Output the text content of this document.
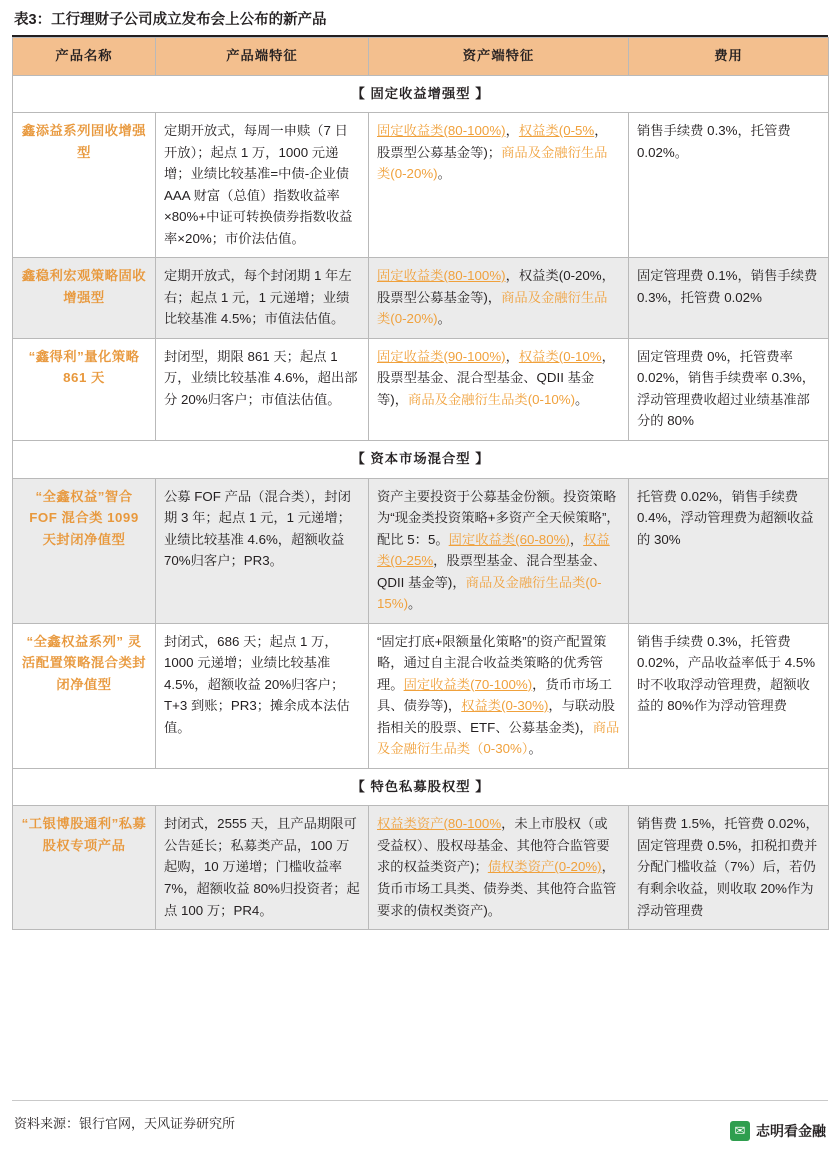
表3：工行理财子公司成立发布会上公布的新产品
产品名称	产品端特征	资产端特征	费用
【 固定收益增强型 】			
鑫添益系列固收增强型	定期开放式，每周一申赎（7 日开放）；起点 1 万，1000 元递增；业绩比较基准=中债-企业债 AAA 财富（总值）指数收益率×80%+中证可转换债券指数收益率×20%；市价法估值。	固定收益类(80-100%)，权益类(0-5%，股票型公募基金等)；商品及金融衍生品类(0-20%)。	销售手续费 0.3%，托管费 0.02%。
鑫稳利宏观策略固收增强型	定期开放式，每个封闭期 1 年左右；起点 1 元，1 元递增；业绩比较基准 4.5%；市值法估值。	固定收益类(80-100%)，权益类(0-20%，股票型公募基金等)，商品及金融衍生品类(0-20%)。	固定管理费 0.1%，销售手续费 0.3%，托管费 0.02%
“鑫得利”量化策略 861 天	封闭型，期限 861 天；起点 1 万，业绩比较基准 4.6%，超出部分 20%归客户；市值法估值。	固定收益类(90-100%)，权益类(0-10%，股票型基金、混合型基金、QDII 基金等)，商品及金融衍生品类(0-10%)。	固定管理费 0%，托管费率 0.02%，销售手续费率 0.3%，浮动管理费收超过业绩基准部分的 80%
【 资本市场混合型 】			
“全鑫权益”智合 FOF 混合类 1099 天封闭净值型	公募 FOF 产品（混合类），封闭期 3 年；起点 1 元，1 元递增；业绩比较基准 4.6%，超额收益 70%归客户；PR3。	资产主要投资于公募基金份额。投资策略为“现金类投资策略+多资产全天候策略”，配比 5：5。固定收益类(60-80%)，权益类(0-25%，股票型基金、混合型基金、QDII 基金等)，商品及金融衍生品类(0-15%)。	托管费 0.02%，销售手续费 0.4%，浮动管理费为超额收益的 30%
“全鑫权益系列” 灵活配置策略混合类封闭净值型	封闭式，686 天；起点 1 万，1000 元递增；业绩比较基准 4.5%，超额收益 20%归客户；T+3 到账；PR3；摊余成本法估值。	“固定打底+限额量化策略”的资产配置策略，通过自主混合收益类策略的优秀管理。固定收益类(70-100%)，货币市场工具、债券等)，权益类(0-30%)，与联动股指相关的股票、ETF、公募基金类)，商品及金融衍生品类（0-30%）。	销售手续费 0.3%，托管费 0.02%，产品收益率低于 4.5%时不收取浮动管理费，超额收益的 80%作为浮动管理费
【 特色私募股权型 】			
“工银博股通利”私募股权专项产品	封闭式，2555 天，且产品期限可公告延长；私募类产品，100 万起购，10 万递增；门槛收益率 7%，超额收益 80%归投资者；起点 100 万；PR4。	权益类资产(80-100%，未上市股权（或受益权）、股权母基金、其他符合监管要求的权益类资产)；债权类资产(0-20%)，货币市场工具类、债券类、其他符合监管要求的债权类资产)。	销售费 1.5%，托管费 0.02%，固定管理费 0.5%，扣税扣费并分配门槛收益（7%）后，若仍有剩余收益，则收取 20%作为浮动管理费
资料来源：银行官网，天风证券研究所	✉ 志明看金融
